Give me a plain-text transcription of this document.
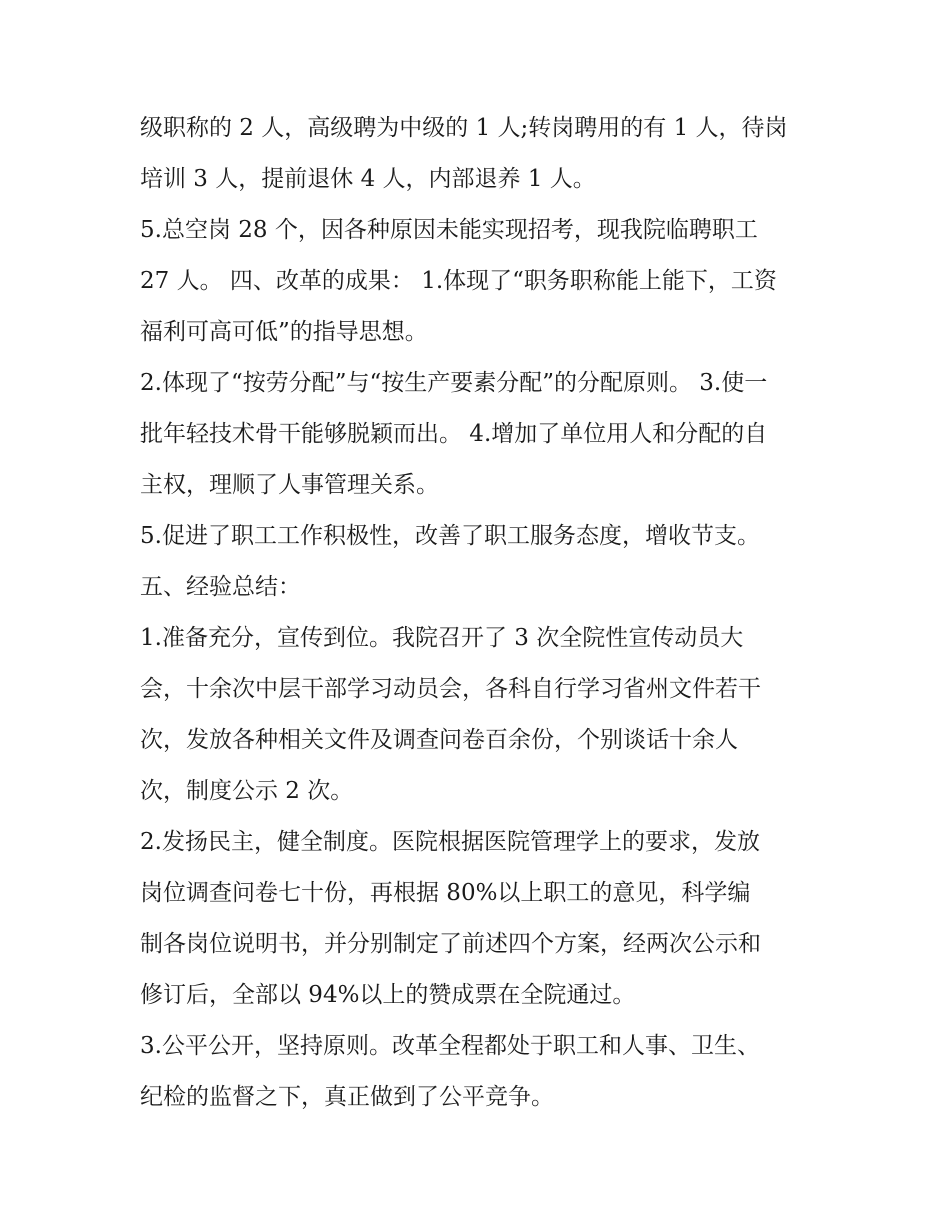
级职称的 2 人，高级聘为中级的 1 人;转岗聘用的有 1 人，待岗
培训 3 人，提前退休 4 人，内部退养 1 人。
5.总空岗 28 个，因各种原因未能实现招考，现我院临聘职工
27 人。 四、改革的成果： 1.体现了“职务职称能上能下，工资
福利可高可低”的指导思想。
2.体现了“按劳分配”与“按生产要素分配”的分配原则。 3.使一
批年轻技术骨干能够脱颖而出。 4.增加了单位用人和分配的自
主权，理顺了人事管理关系。
5.促进了职工工作积极性，改善了职工服务态度，增收节支。
五、经验总结：
1.准备充分，宣传到位。我院召开了 3 次全院性宣传动员大
会，十余次中层干部学习动员会，各科自行学习省州文件若干
次，发放各种相关文件及调查问卷百余份，个别谈话十余人
次，制度公示 2 次。
2.发扬民主，健全制度。医院根据医院管理学上的要求，发放
岗位调查问卷七十份，再根据 80%以上职工的意见，科学编
制各岗位说明书，并分别制定了前述四个方案，经两次公示和
修订后，全部以 94%以上的赞成票在全院通过。
3.公平公开，坚持原则。改革全程都处于职工和人事、卫生、
纪检的监督之下，真正做到了公平竞争。
